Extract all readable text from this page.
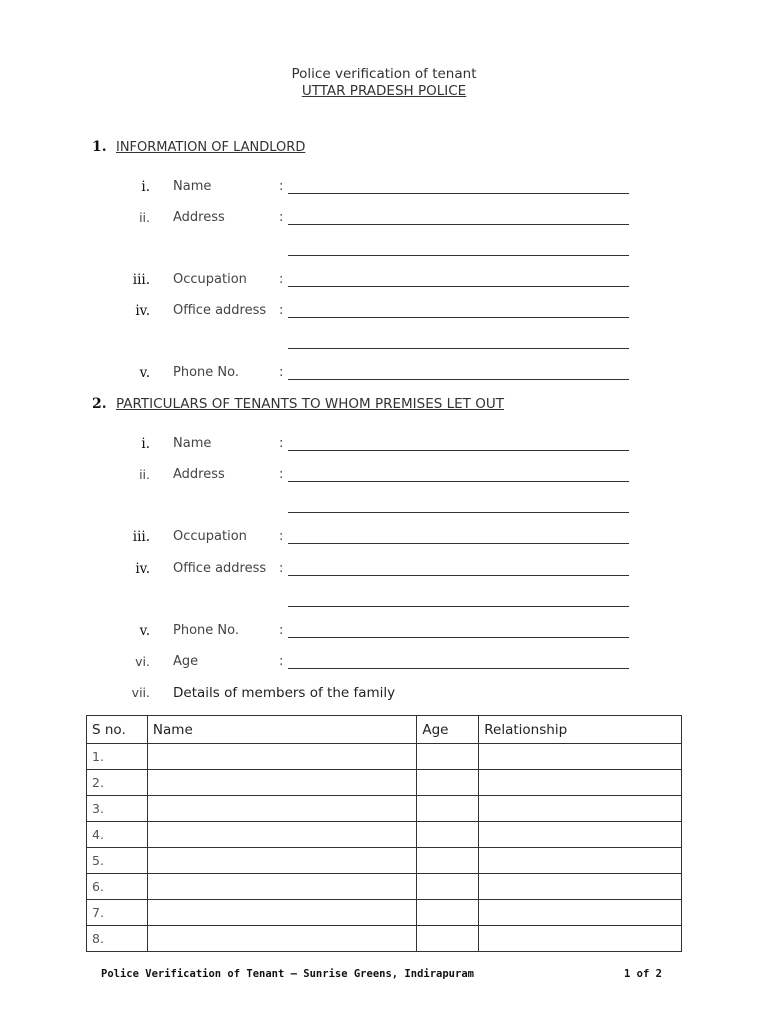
Police verification of tenant
UTTAR PRADESH POLICE
1. INFORMATION OF LANDLORD
i. Name	:
ii. Address	:
iii. Occupation :
iv. Office address :
v. Phone No.	:
2. PARTICULARS OF TENANTS TO WHOM PREMISES LET OUT
i. Name	:
ii. Address	:
iii. Occupation :
iv. Office address :
v. Phone No.	:
vi. Age	:
vii. Details of members of the family
S no.	Name	Age	Relationship
1.			
2.			
3.			
4.			
5.			
6.			
7.			
8.			
Police Verification of Tenant – Sunrise Greens, Indirapuram	1 of 2
